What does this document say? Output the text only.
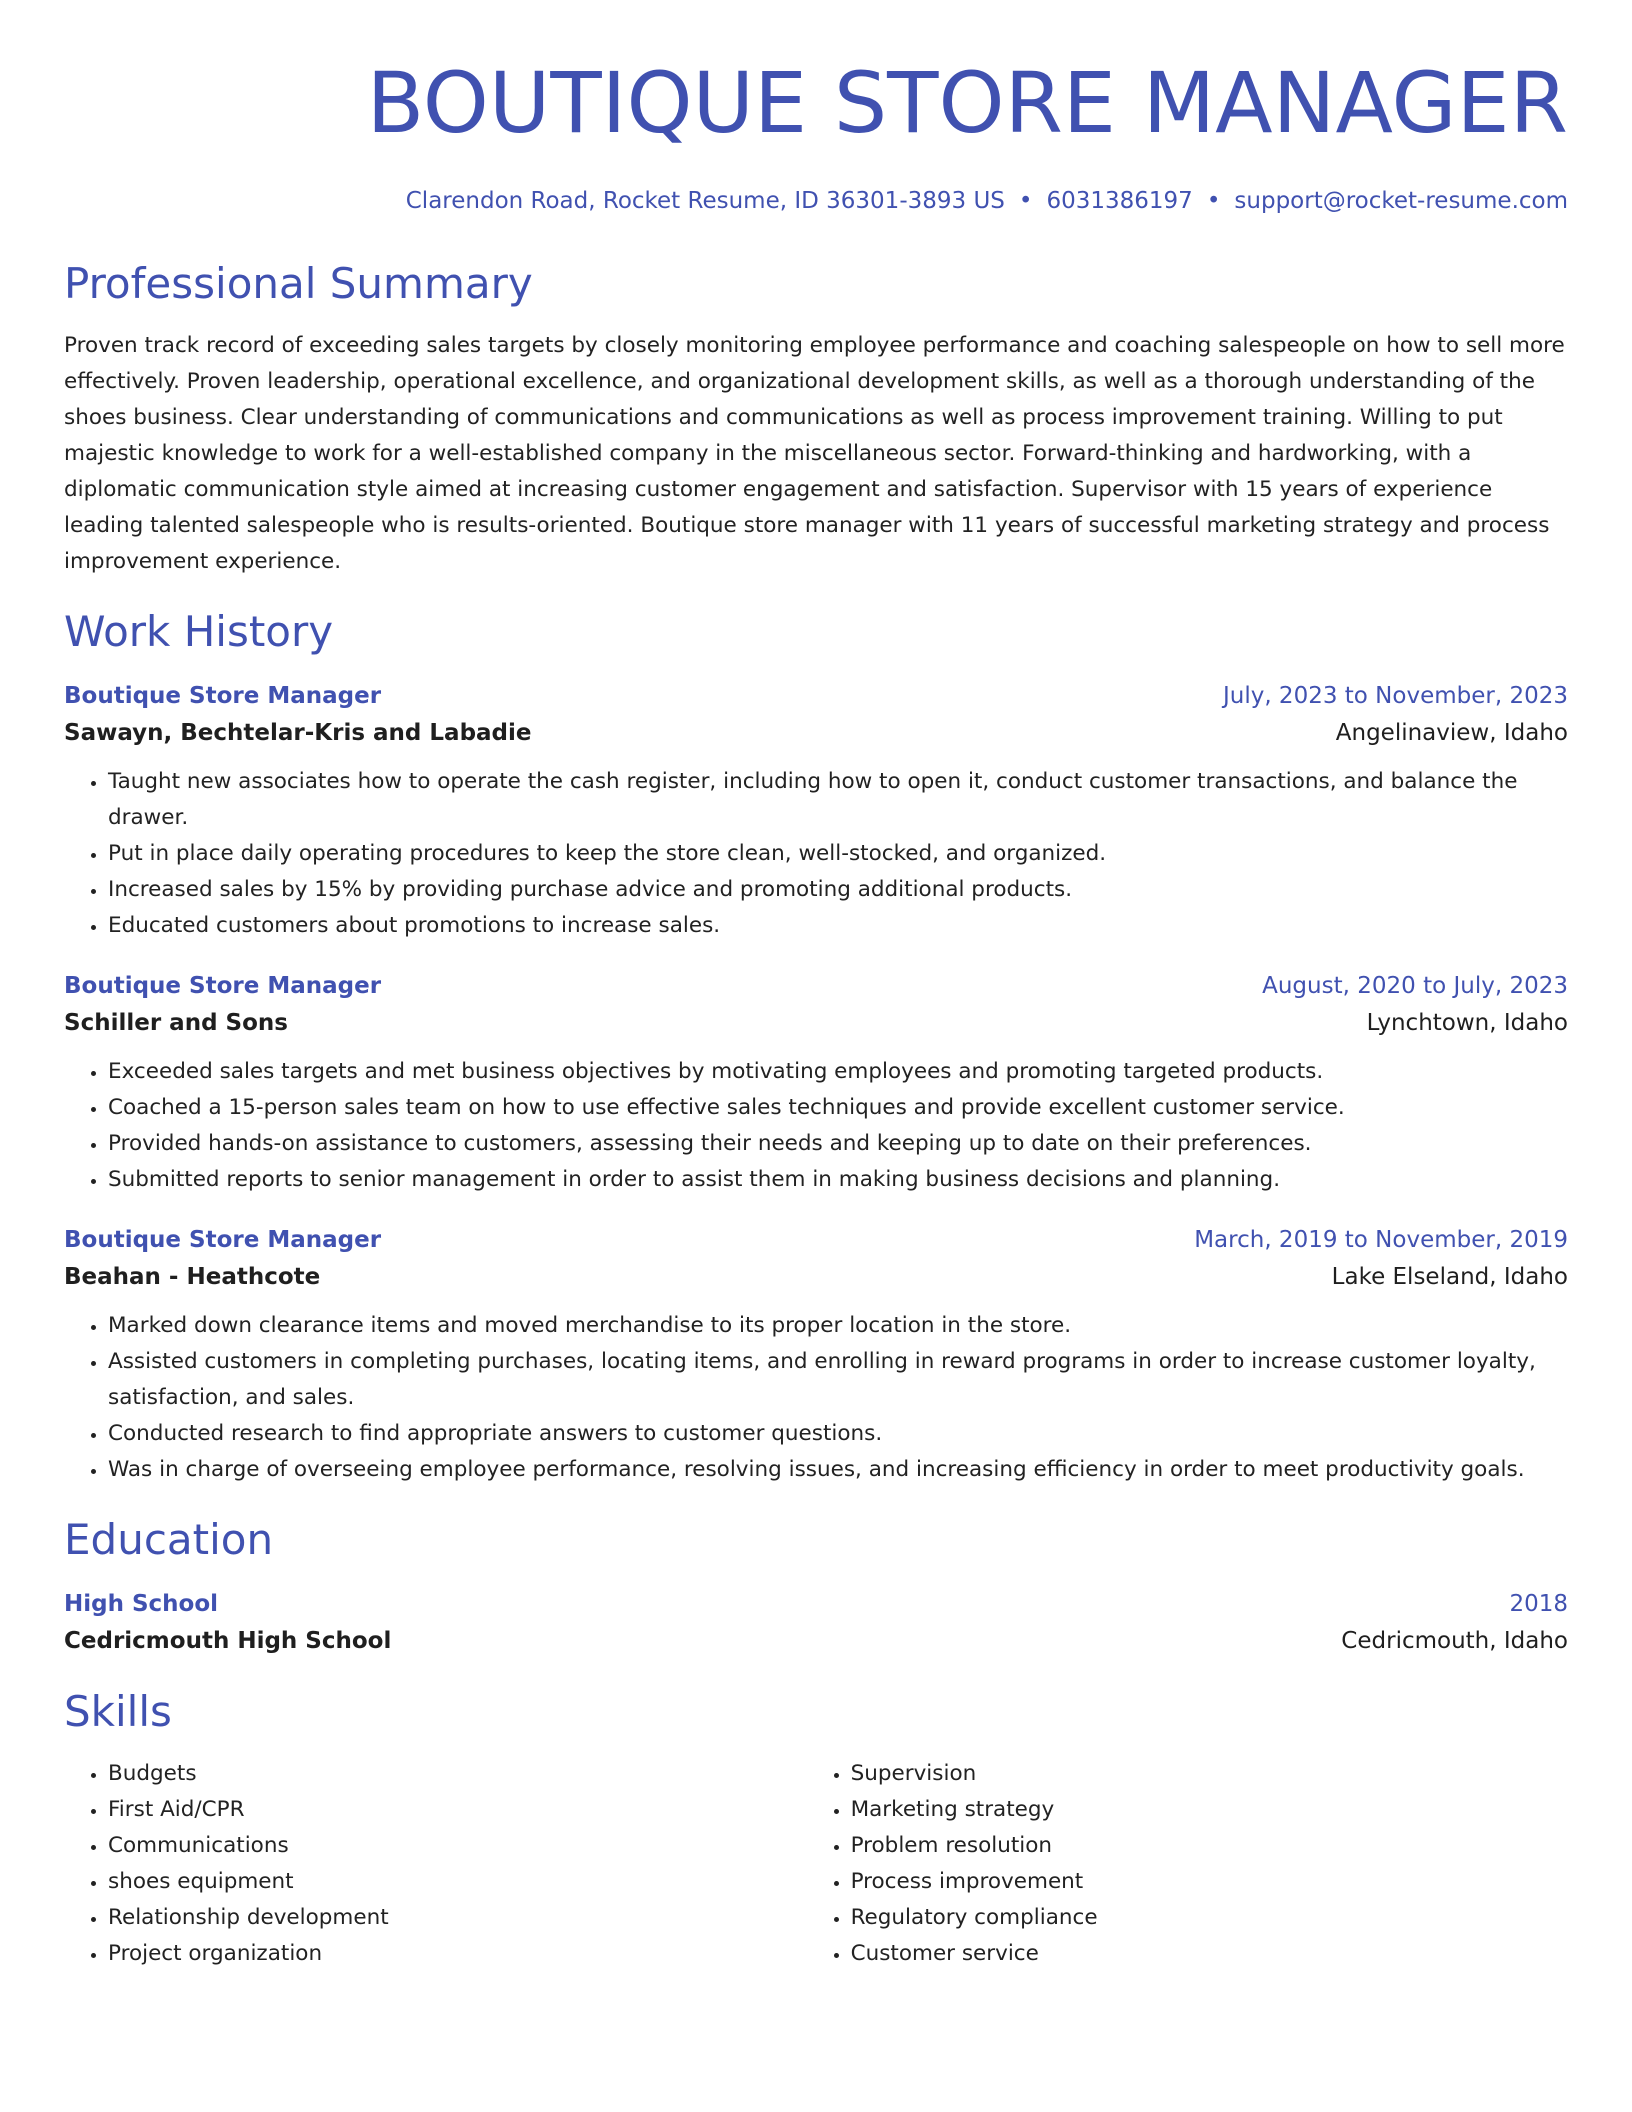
BOUTIQUE STORE MANAGER
Clarendon Road, Rocket Resume, ID 36301-3893 US • 6031386197 • support@rocket-resume.com
Professional Summary
Proven track record of exceeding sales targets by closely monitoring employee performance and coaching salespeople on how to sell more effectively. Proven leadership, operational excellence, and organizational development skills, as well as a thorough understanding of the shoes business. Clear understanding of communications and communications as well as process improvement training. Willing to put majestic knowledge to work for a well-established company in the miscellaneous sector. Forward-thinking and hardworking, with a diplomatic communication style aimed at increasing customer engagement and satisfaction. Supervisor with 15 years of experience leading talented salespeople who is results-oriented. Boutique store manager with 11 years of successful marketing strategy and process improvement experience.
Work History
Boutique Store Manager	July, 2023 to November, 2023
Sawayn, Bechtelar-Kris and Labadie	Angelinaview, Idaho
• Taught new associates how to operate the cash register, including how to open it, conduct customer transactions, and balance the drawer.
• Put in place daily operating procedures to keep the store clean, well-stocked, and organized.
• Increased sales by 15% by providing purchase advice and promoting additional products.
• Educated customers about promotions to increase sales.
Boutique Store Manager	August, 2020 to July, 2023
Schiller and Sons	Lynchtown, Idaho
• Exceeded sales targets and met business objectives by motivating employees and promoting targeted products.
• Coached a 15-person sales team on how to use effective sales techniques and provide excellent customer service.
• Provided hands-on assistance to customers, assessing their needs and keeping up to date on their preferences.
• Submitted reports to senior management in order to assist them in making business decisions and planning.
Boutique Store Manager	March, 2019 to November, 2019
Beahan - Heathcote	Lake Elseland, Idaho
• Marked down clearance items and moved merchandise to its proper location in the store.
• Assisted customers in completing purchases, locating items, and enrolling in reward programs in order to increase customer loyalty, satisfaction, and sales.
• Conducted research to find appropriate answers to customer questions.
• Was in charge of overseeing employee performance, resolving issues, and increasing efficiency in order to meet productivity goals.
Education
High School	2018
Cedricmouth High School	Cedricmouth, Idaho
Skills
• Budgets
• First Aid/CPR
• Communications
• shoes equipment
• Relationship development
• Project organization
• Supervision
• Marketing strategy
• Problem resolution
• Process improvement
• Regulatory compliance
• Customer service
